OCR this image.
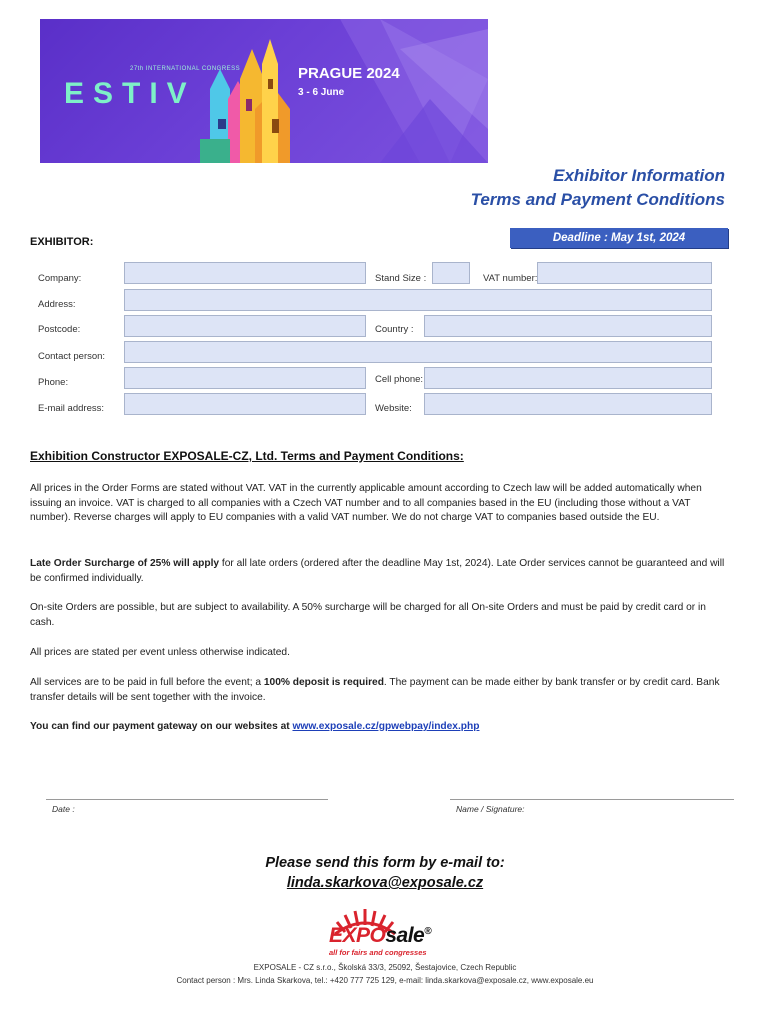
27th INTERNATIONAL CONGRESS
ESTIV
PRAGUE 2024
3 - 6 June
Exhibitor Information
Terms and Payment Conditions
EXHIBITOR:	Deadline : May 1st, 2024
Company:	Stand Size :	VAT number:
Address:
Postcode:	Country :
Contact person:
Phone:	Cell phone:
E-mail address:	Website:
Exhibition Constructor EXPOSALE-CZ, Ltd. Terms and Payment Conditions:
All prices in the Order Forms are stated without VAT. VAT in the currently applicable amount according to Czech law will be added automatically when issuing an invoice. VAT is charged to all companies with a Czech VAT number and to all companies based in the EU (including those without a VAT number). Reverse charges will apply to EU companies with a valid VAT number. We do not charge VAT to companies based outside the EU.
Late Order Surcharge of 25% will apply for all late orders (ordered after the deadline May 1st, 2024). Late Order services cannot be guaranteed and will be confirmed individually.
On-site Orders are possible, but are subject to availability. A 50% surcharge will be charged for all On-site Orders and must be paid by credit card or in cash.
All prices are stated per event unless otherwise indicated.
All services are to be paid in full before the event; a 100% deposit is required. The payment can be made either by bank transfer or by credit card. Bank transfer details will be sent together with the invoice.
You can find our payment gateway on our websites at www.exposale.cz/gpwebpay/index.php
Date :	Name / Signature:
Please send this form by e-mail to:
linda.skarkova@exposale.cz
EXPOsale®
all for fairs and congresses
EXPOSALE - CZ s.r.o., Školská 33/3, 25092, Šestajovice, Czech Republic
Contact person : Mrs. Linda Skarkova, tel.: +420 777 725 129, e-mail: linda.skarkova@exposale.cz, www.exposale.eu
